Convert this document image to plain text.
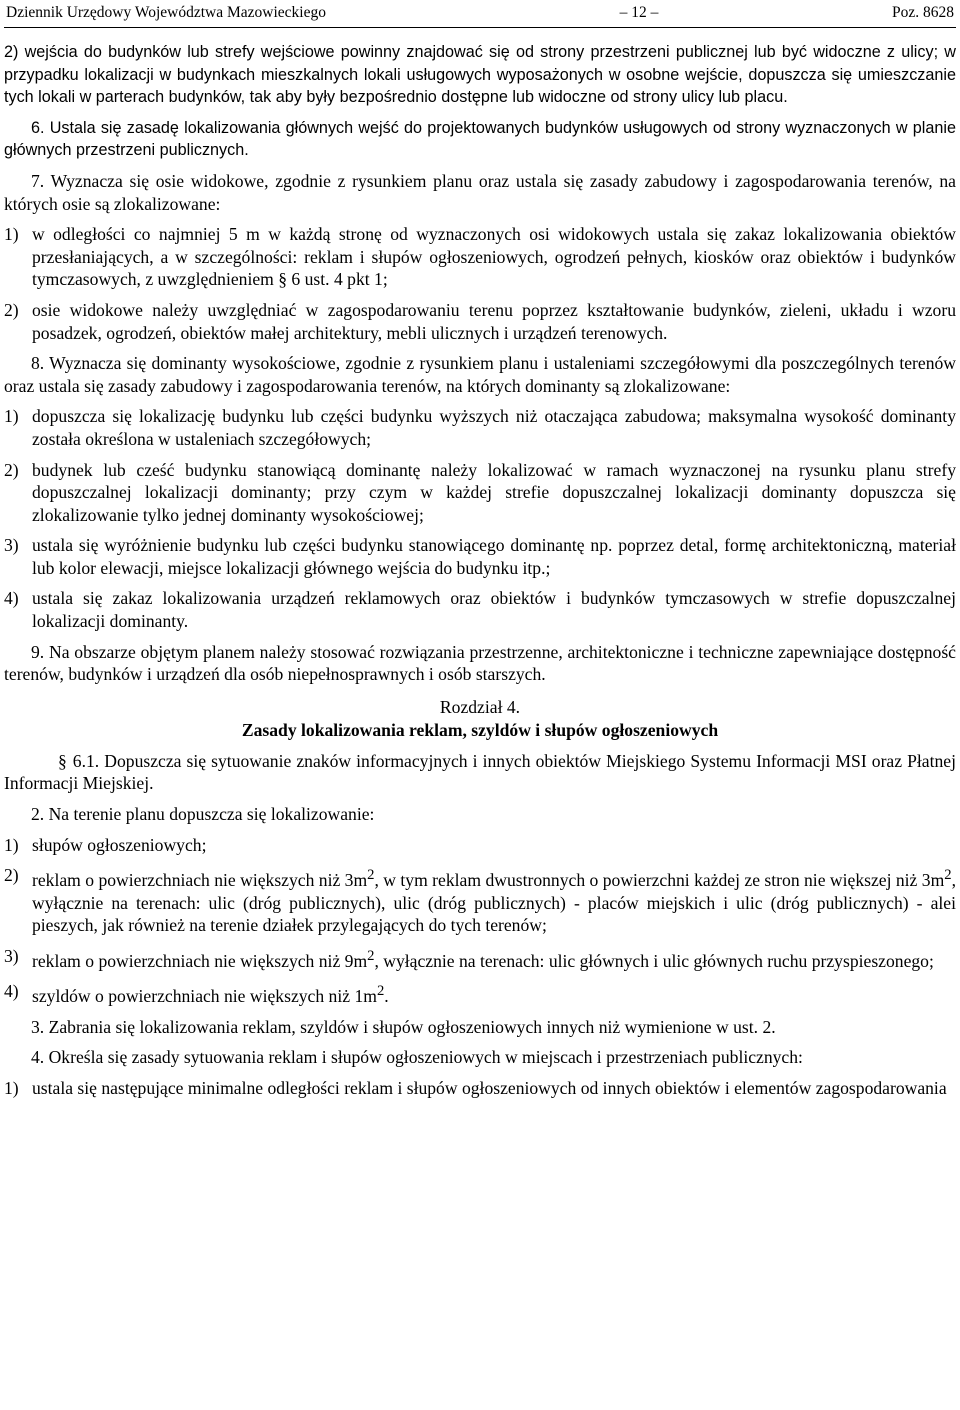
Dziennik Urzędowy Województwa Mazowieckiego	– 12 –	Poz. 8628

2) wejścia do budynków lub strefy wejściowe powinny znajdować się od strony przestrzeni publicznej lub być widoczne z ulicy; w przypadku lokalizacji w budynkach mieszkalnych lokali usługowych wyposażonych w osobne wejście, dopuszcza się umieszczanie tych lokali w parterach budynków, tak aby były bezpośrednio dostępne lub widoczne od strony ulicy lub placu.

6. Ustala się zasadę lokalizowania głównych wejść do projektowanych budynków usługowych od strony wyznaczonych w planie głównych przestrzeni publicznych.

7. Wyznacza się osie widokowe, zgodnie z rysunkiem planu oraz ustala się zasady zabudowy i zagospodarowania terenów, na których osie są zlokalizowane:

1) w odległości co najmniej 5 m w każdą stronę od wyznaczonych osi widokowych ustala się zakaz lokalizowania obiektów przesłaniających, a w szczególności: reklam i słupów ogłoszeniowych, ogrodzeń pełnych, kiosków oraz obiektów i budynków tymczasowych, z uwzględnieniem § 6 ust. 4 pkt 1;

2) osie widokowe należy uwzględniać w zagospodarowaniu terenu poprzez kształtowanie budynków, zieleni, układu i wzoru posadzek, ogrodzeń, obiektów małej architektury, mebli ulicznych i urządzeń terenowych.

8. Wyznacza się dominanty wysokościowe, zgodnie z rysunkiem planu i ustaleniami szczegółowymi dla poszczególnych terenów oraz ustala się zasady zabudowy i zagospodarowania terenów, na których dominanty są zlokalizowane:

1) dopuszcza się lokalizację budynku lub części budynku wyższych niż otaczająca zabudowa; maksymalna wysokość dominanty została określona w ustaleniach szczegółowych;

2) budynek lub cześć budynku stanowiącą dominantę należy lokalizować w ramach wyznaczonej na rysunku planu strefy dopuszczalnej lokalizacji dominanty; przy czym w każdej strefie dopuszczalnej lokalizacji dominanty dopuszcza się zlokalizowanie tylko jednej dominanty wysokościowej;

3) ustala się wyróżnienie budynku lub części budynku stanowiącego dominantę np. poprzez detal, formę architektoniczną, materiał lub kolor elewacji, miejsce lokalizacji głównego wejścia do budynku itp.;

4) ustala się zakaz lokalizowania urządzeń reklamowych oraz obiektów i budynków tymczasowych w strefie dopuszczalnej lokalizacji dominanty.

9. Na obszarze objętym planem należy stosować rozwiązania przestrzenne, architektoniczne i techniczne zapewniające dostępność terenów, budynków i urządzeń dla osób niepełnosprawnych i osób starszych.

Rozdział 4.

Zasady lokalizowania reklam, szyldów i słupów ogłoszeniowych

§ 6.1. Dopuszcza się sytuowanie znaków informacyjnych i innych obiektów Miejskiego Systemu Informacji MSI oraz Płatnej Informacji Miejskiej.

2. Na terenie planu dopuszcza się lokalizowanie:

1) słupów ogłoszeniowych;

2) reklam o powierzchniach nie większych niż $3m^2$, w tym reklam dwustronnych o powierzchni każdej ze stron nie większej niż $3m^2$, wyłącznie na terenach: ulic (dróg publicznych), ulic (dróg publicznych) - placów miejskich i ulic (dróg publicznych) - alei pieszych, jak również na terenie działek przylegających do tych terenów;

3) reklam o powierzchniach nie większych niż $9m^2$, wyłącznie na terenach: ulic głównych i ulic głównych ruchu przyspieszonego;

4) szyldów o powierzchniach nie większych niż $1m^2$.

3. Zabrania się lokalizowania reklam, szyldów i słupów ogłoszeniowych innych niż wymienione w ust. 2.

4. Określa się zasady sytuowania reklam i słupów ogłoszeniowych w miejscach i przestrzeniach publicznych:

1) ustala się następujące minimalne odległości reklam i słupów ogłoszeniowych od innych obiektów i elementów zagospodarowania
